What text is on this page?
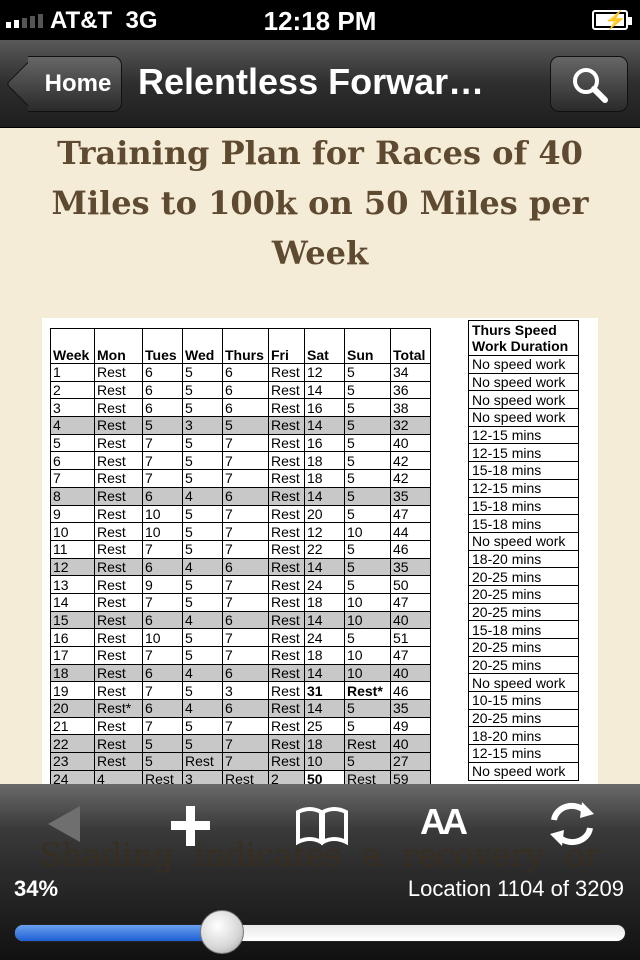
AT&T 3G	12:18 PM	⚡
Home Relentless Forwar…
Training Plan for Races of 40 Miles to 100k on 50 Miles per Week
Week	Mon	Tues	Wed	Thurs	Fri	Sat	Sun	Total
1	Rest	6	5	6	Rest	12	5	34
2	Rest	6	5	6	Rest	14	5	36
3	Rest	6	5	6	Rest	16	5	38
4	Rest	5	3	5	Rest	14	5	32
5	Rest	7	5	7	Rest	16	5	40
6	Rest	7	5	7	Rest	18	5	42
7	Rest	7	5	7	Rest	18	5	42
8	Rest	6	4	6	Rest	14	5	35
9	Rest	10	5	7	Rest	20	5	47
10	Rest	10	5	7	Rest	12	10	44
11	Rest	7	5	7	Rest	22	5	46
12	Rest	6	4	6	Rest	14	5	35
13	Rest	9	5	7	Rest	24	5	50
14	Rest	7	5	7	Rest	18	10	47
15	Rest	6	4	6	Rest	14	10	40
16	Rest	10	5	7	Rest	24	5	51
17	Rest	7	5	7	Rest	18	10	47
18	Rest	6	4	6	Rest	14	10	40
19	Rest	7	5	3	Rest	31	Rest*	46
20	Rest*	6	4	6	Rest	14	5	35
21	Rest	7	5	7	Rest	25	5	49
22	Rest	5	5	7	Rest	18	Rest	40
23	Rest	5	Rest	7	Rest	10	5	27
24	4	Rest	3	Rest	2	50	Rest	59
Thurs Speed
Work Duration
No speed work
No speed work
No speed work
No speed work
12-15 mins
12-15 mins
15-18 mins
12-15 mins
15-18 mins
15-18 mins
No speed work
18-20 mins
20-25 mins
20-25 mins
20-25 mins
15-18 mins
20-25 mins
20-25 mins
No speed work
10-15 mins
20-25 mins
18-20 mins
12-15 mins
No speed work
Shading indicates a recovery or
AA
34%	Location 1104 of 3209
